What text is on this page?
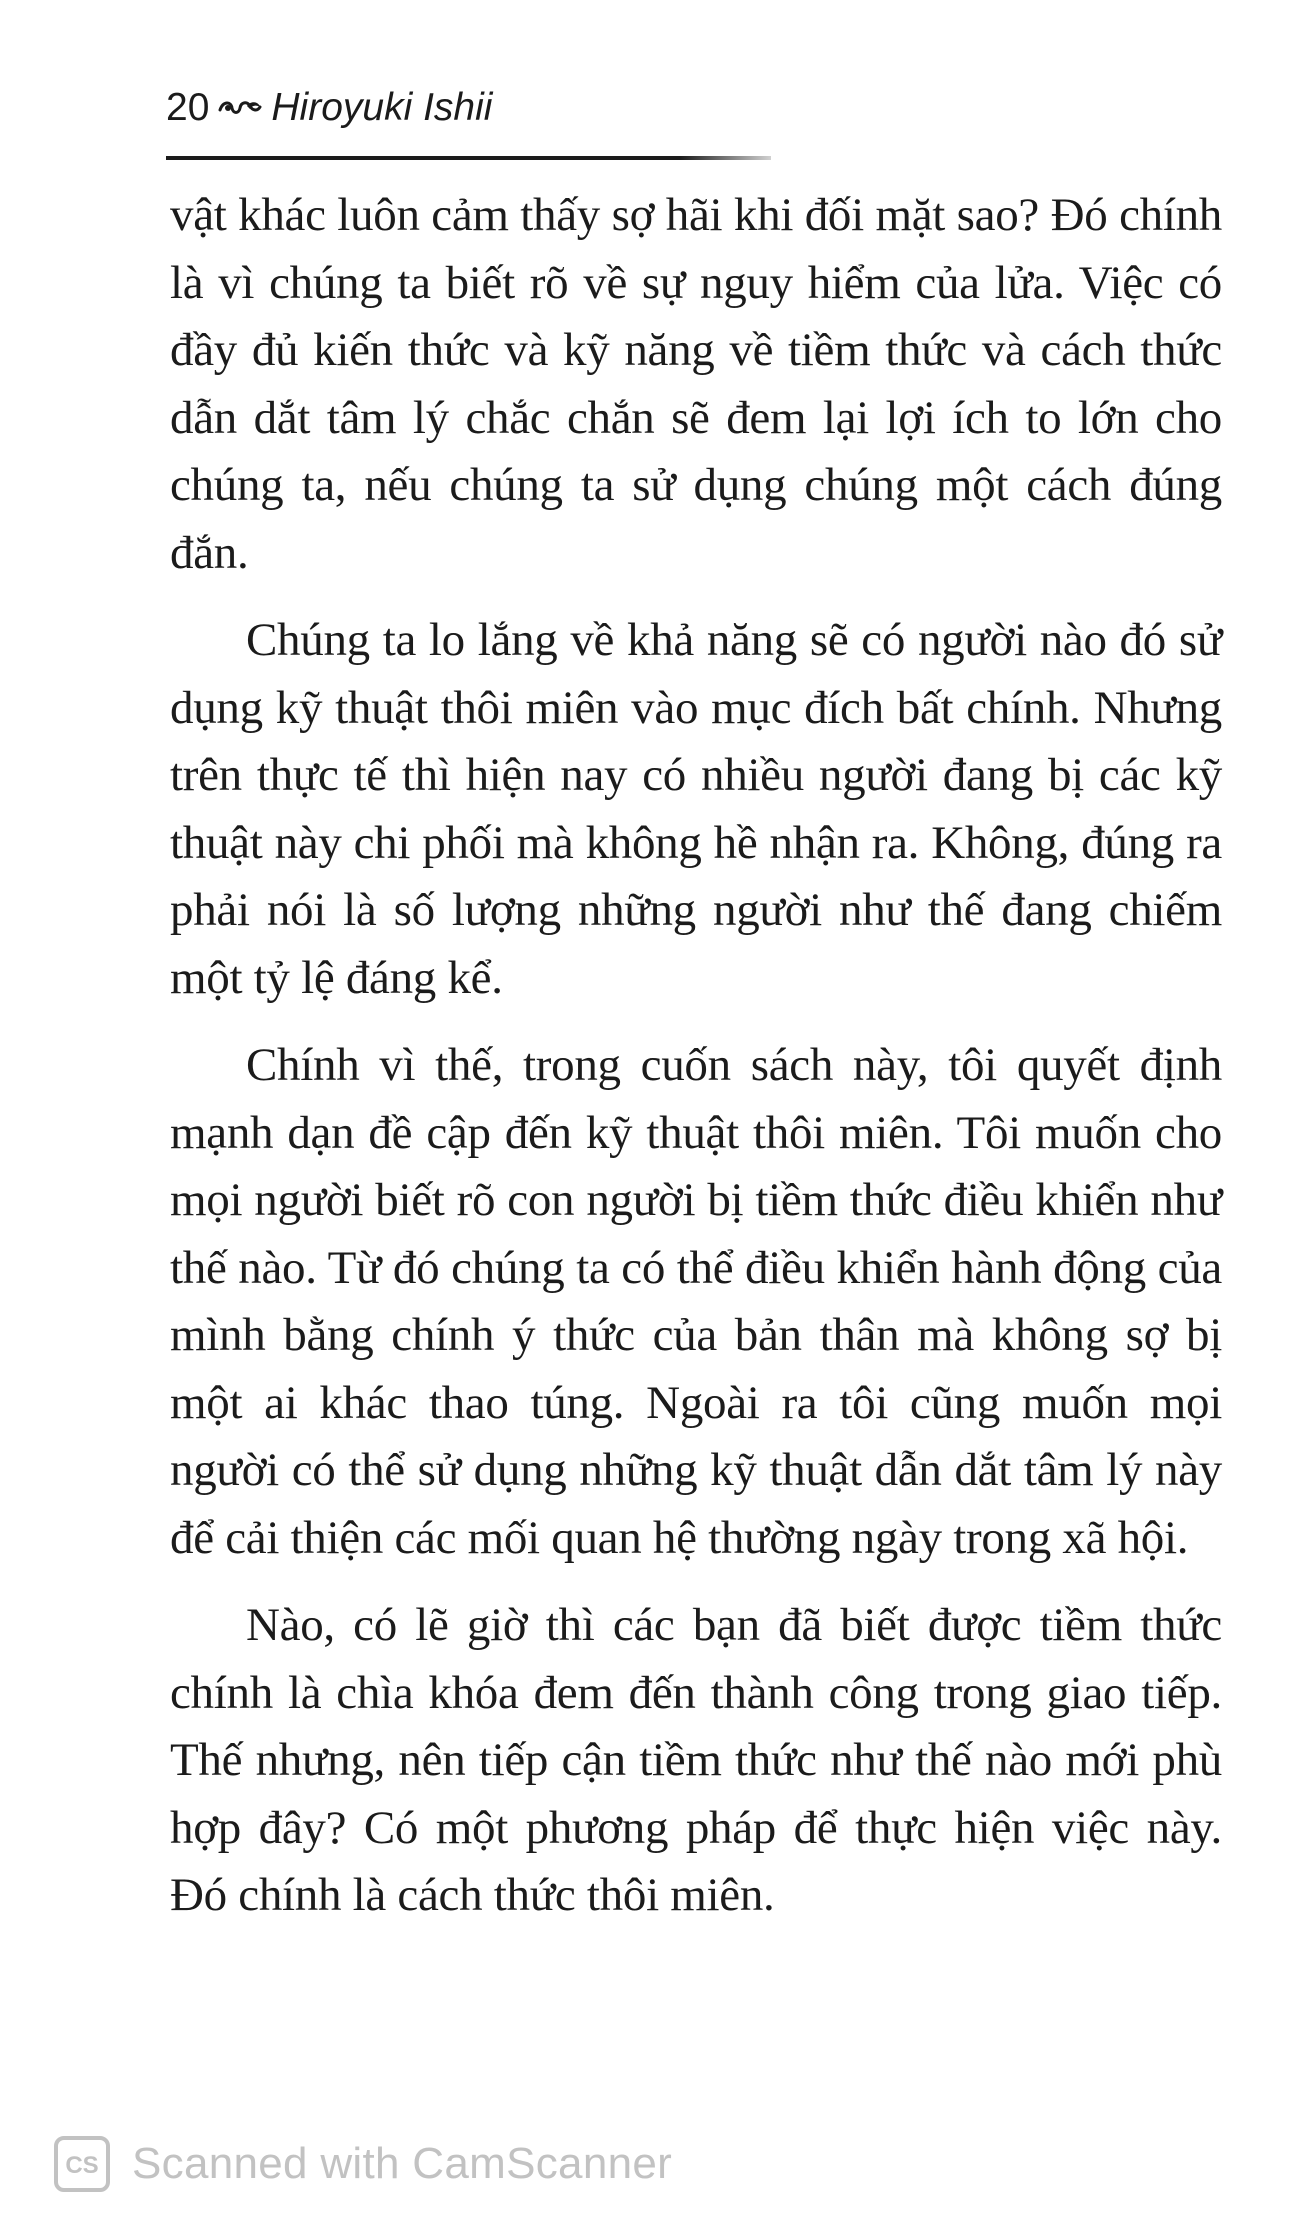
20 Hiroyuki Ishii

vật khác luôn cảm thấy sợ hãi khi đối mặt sao? Đó chính là vì chúng ta biết rõ về sự nguy hiểm của lửa. Việc có đầy đủ kiến thức và kỹ năng về tiềm thức và cách thức dẫn dắt tâm lý chắc chắn sẽ đem lại lợi ích to lớn cho chúng ta, nếu chúng ta sử dụng chúng một cách đúng đắn.

Chúng ta lo lắng về khả năng sẽ có người nào đó sử dụng kỹ thuật thôi miên vào mục đích bất chính. Nhưng trên thực tế thì hiện nay có nhiều người đang bị các kỹ thuật này chi phối mà không hề nhận ra. Không, đúng ra phải nói là số lượng những người như thế đang chiếm một tỷ lệ đáng kể.

Chính vì thế, trong cuốn sách này, tôi quyết định mạnh dạn đề cập đến kỹ thuật thôi miên. Tôi muốn cho mọi người biết rõ con người bị tiềm thức điều khiển như thế nào. Từ đó chúng ta có thể điều khiển hành động của mình bằng chính ý thức của bản thân mà không sợ bị một ai khác thao túng. Ngoài ra tôi cũng muốn mọi người có thể sử dụng những kỹ thuật dẫn dắt tâm lý này để cải thiện các mối quan hệ thường ngày trong xã hội.

Nào, có lẽ giờ thì các bạn đã biết được tiềm thức chính là chìa khóa đem đến thành công trong giao tiếp. Thế nhưng, nên tiếp cận tiềm thức như thế nào mới phù hợp đây? Có một phương pháp để thực hiện việc này. Đó chính là cách thức thôi miên.

CS Scanned with CamScanner
